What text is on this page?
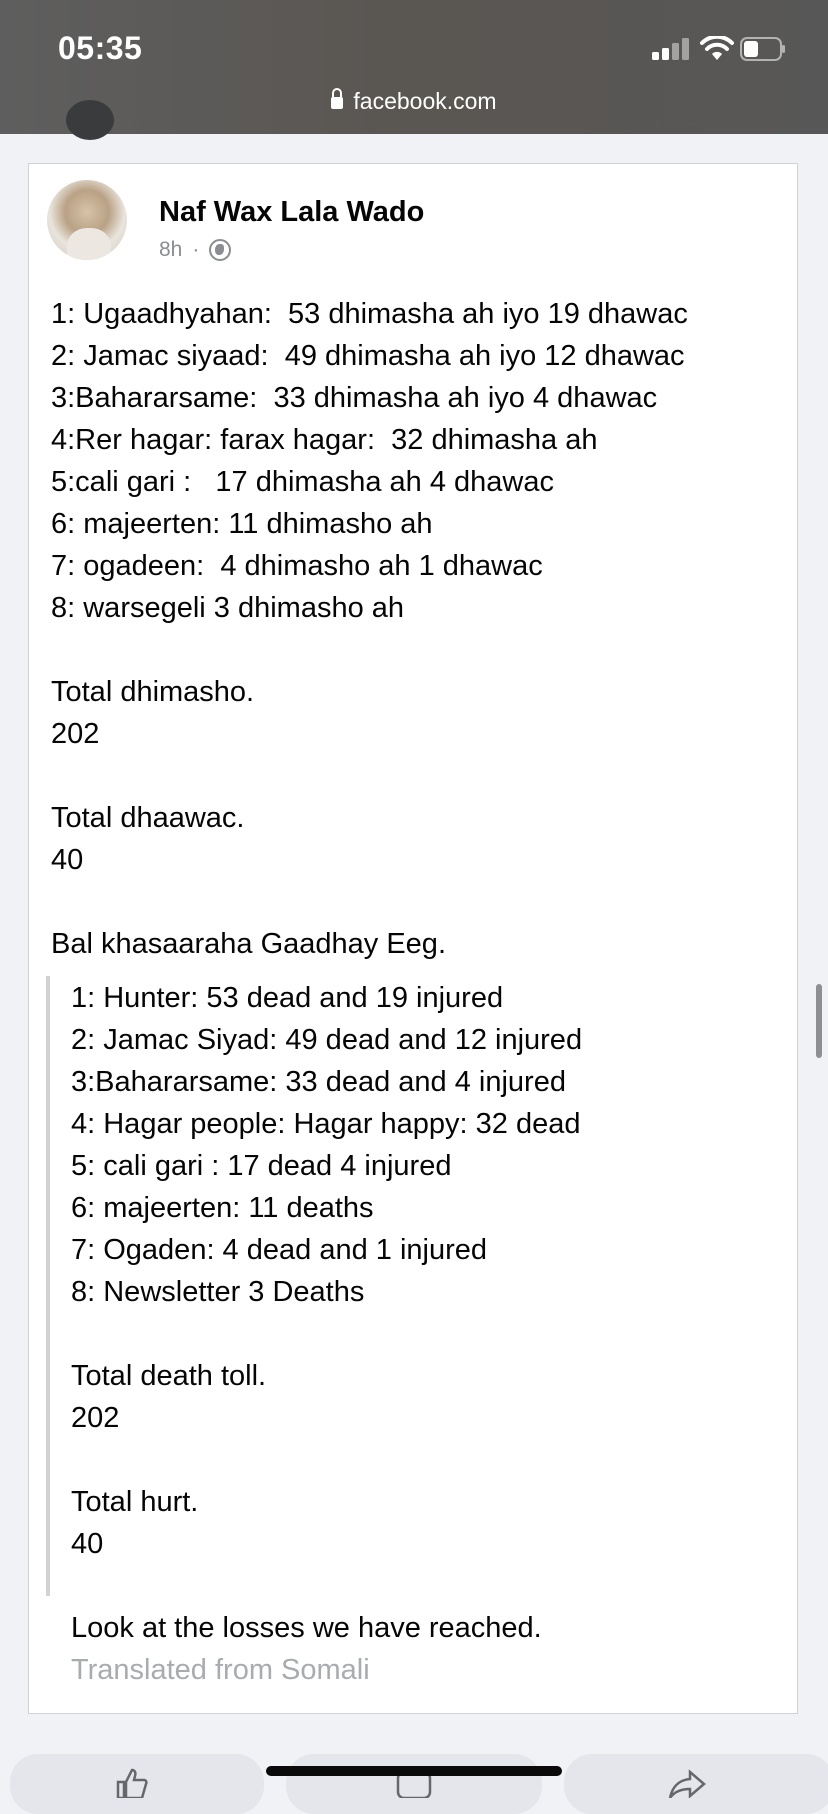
05:35
facebook.com
Naf Wax Lala Wado
8h ·
1: Ugaadhyahan:  53 dhimasha ah iyo 19 dhawac
2: Jamac siyaad:  49 dhimasha ah iyo 12 dhawac
3:Bahararsame:  33 dhimasha ah iyo 4 dhawac
4:Rer hagar: farax hagar:  32 dhimasha ah
5:cali gari :   17 dhimasha ah 4 dhawac
6: majeerten: 11 dhimasho ah
7: ogadeen:  4 dhimasho ah 1 dhawac
8: warsegeli 3 dhimasho ah
Total dhimasho.
202
Total dhaawac.
40
Bal khasaaraha Gaadhay Eeg.
1: Hunter: 53 dead and 19 injured
2: Jamac Siyad: 49 dead and 12 injured
3:Bahararsame: 33 dead and 4 injured
4: Hagar people: Hagar happy: 32 dead
5: cali gari : 17 dead 4 injured
6: majeerten: 11 deaths
7: Ogaden: 4 dead and 1 injured
8: Newsletter 3 Deaths
Total death toll.
202
Total hurt.
40
Look at the losses we have reached.
Translated from Somali
